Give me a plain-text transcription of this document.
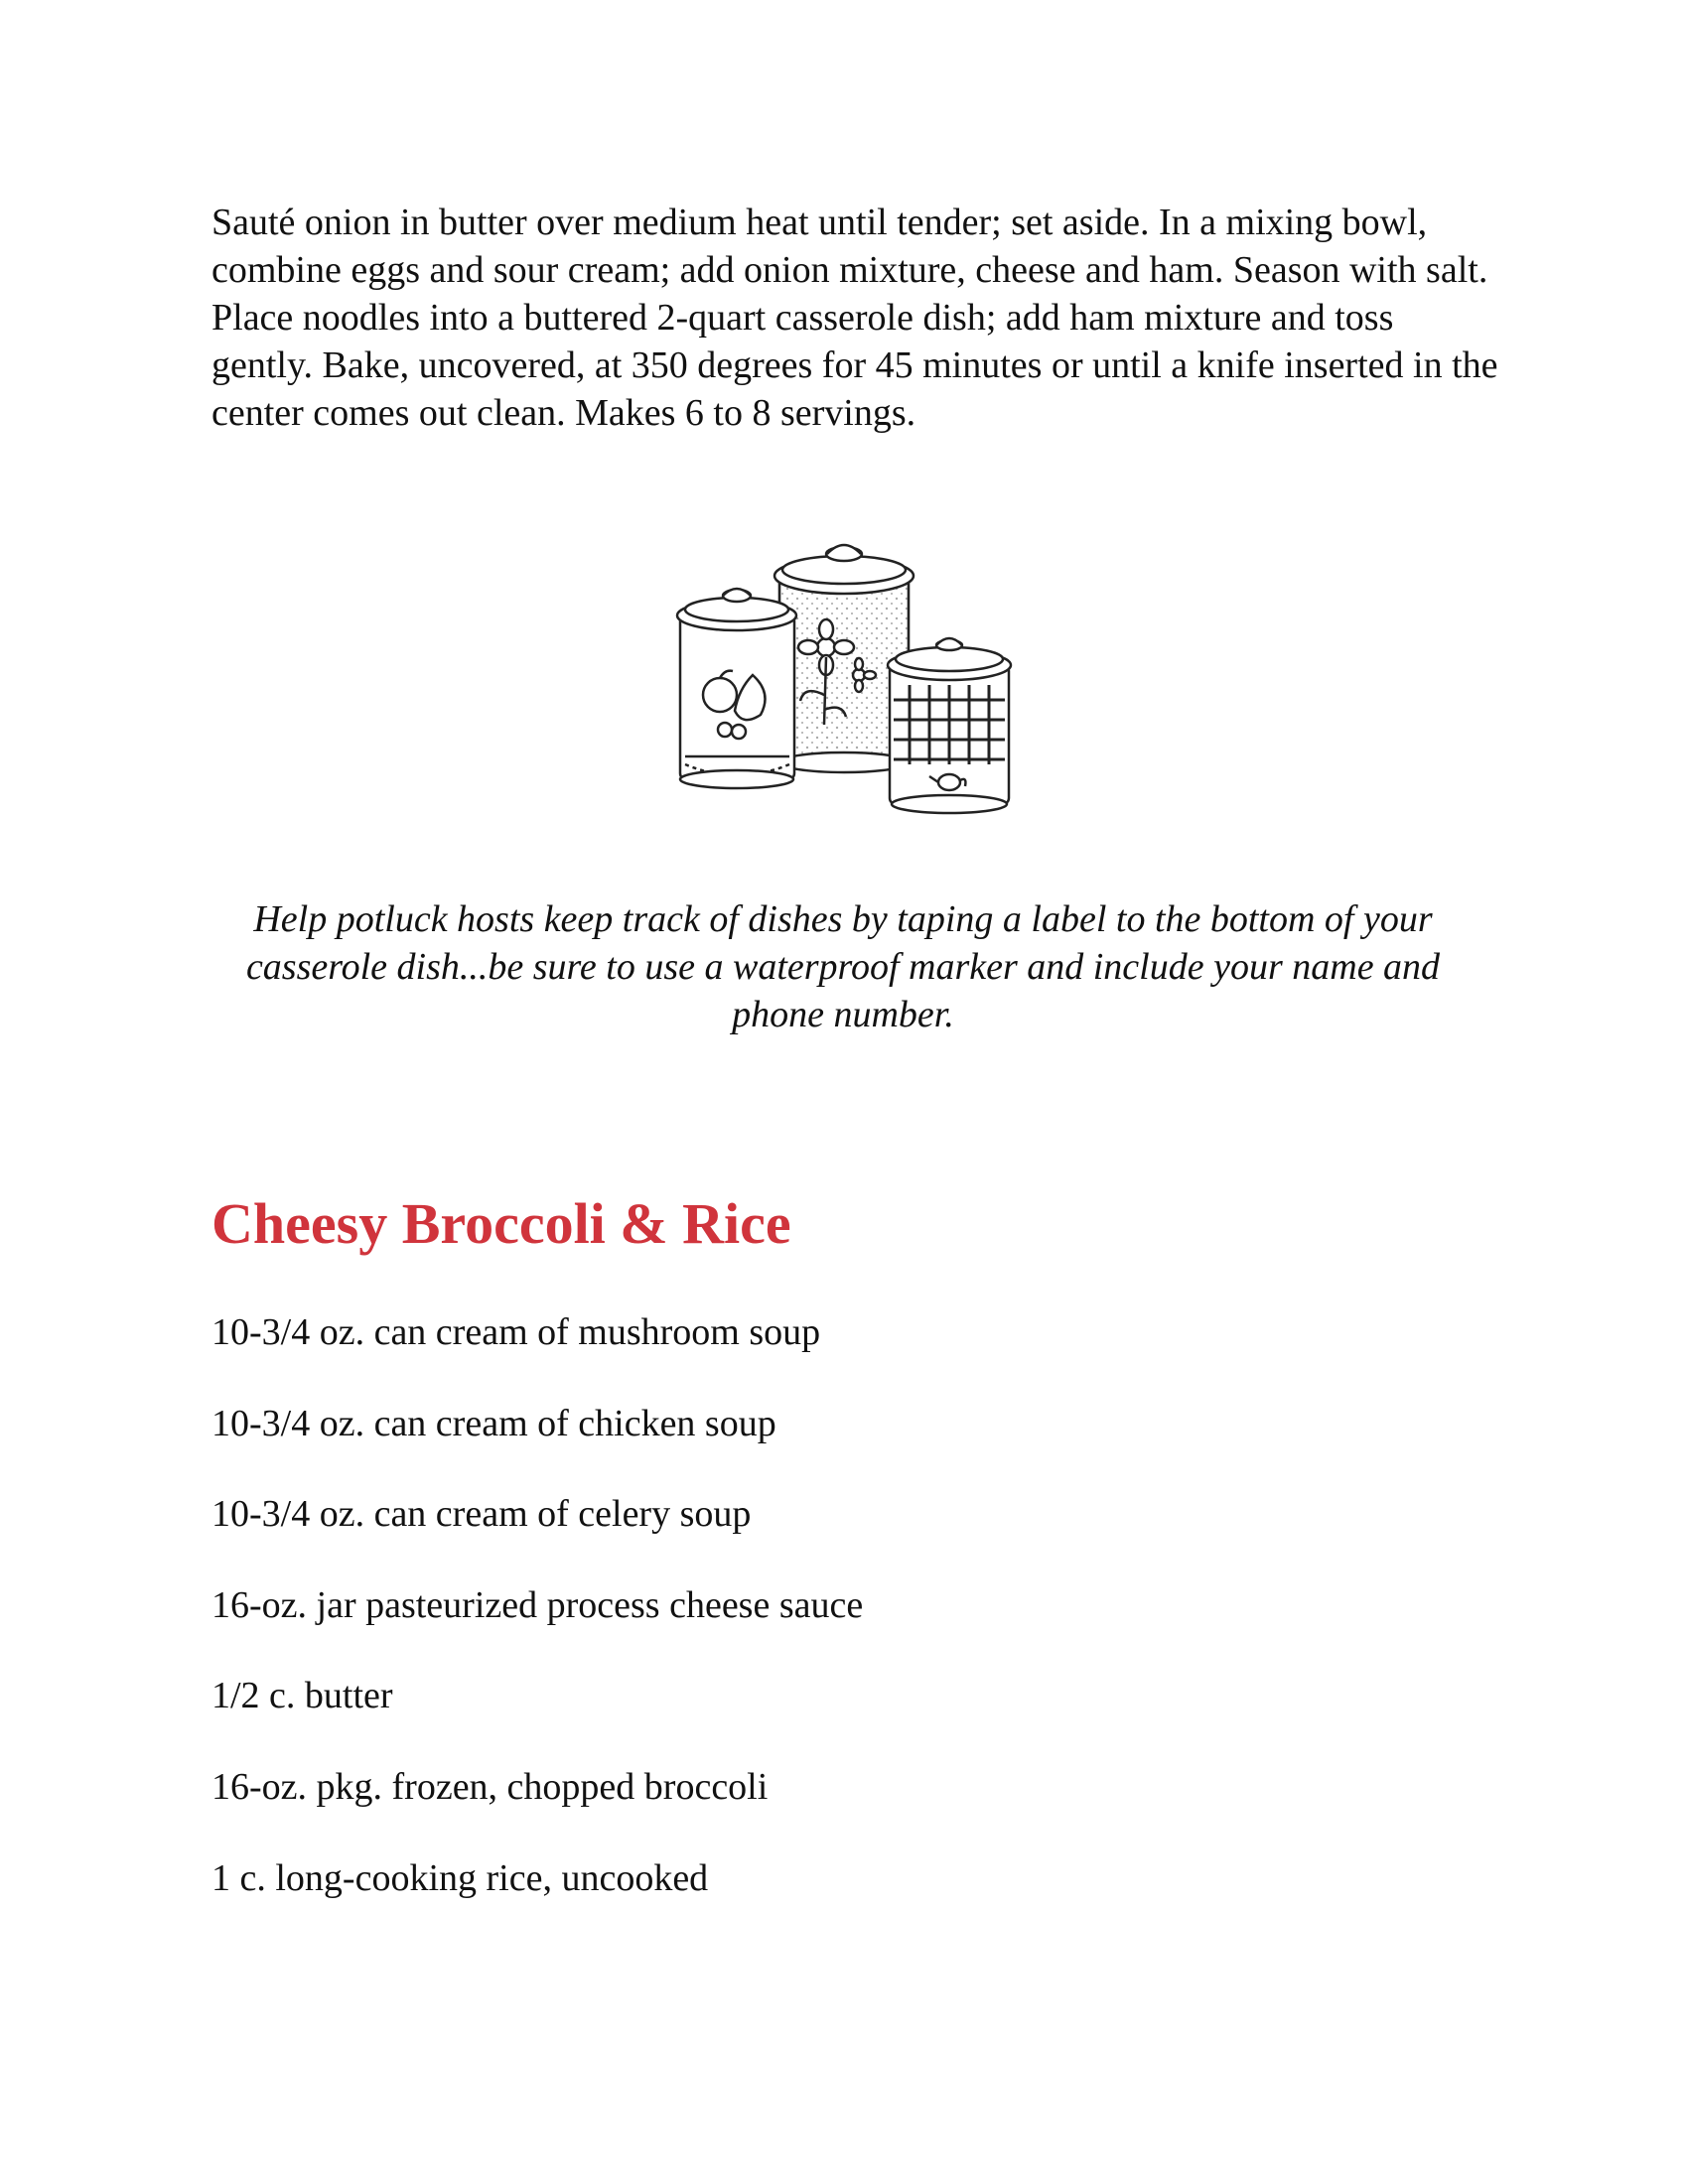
Sauté onion in butter over medium heat until tender; set aside. In a mixing bowl, combine eggs and sour cream; add onion mixture, cheese and ham. Season with salt. Place noodles into a buttered 2-quart casserole dish; add ham mixture and toss gently. Bake, uncovered, at 350 degrees for 45 minutes or until a knife inserted in the center comes out clean. Makes 6 to 8 servings.

Help potluck hosts keep track of dishes by taping a label to the bottom of your casserole dish...be sure to use a waterproof marker and include your name and phone number.

Cheesy Broccoli & Rice
10-3/4 oz. can cream of mushroom soup
10-3/4 oz. can cream of chicken soup
10-3/4 oz. can cream of celery soup
16-oz. jar pasteurized process cheese sauce
1/2 c. butter
16-oz. pkg. frozen, chopped broccoli
1 c. long-cooking rice, uncooked
